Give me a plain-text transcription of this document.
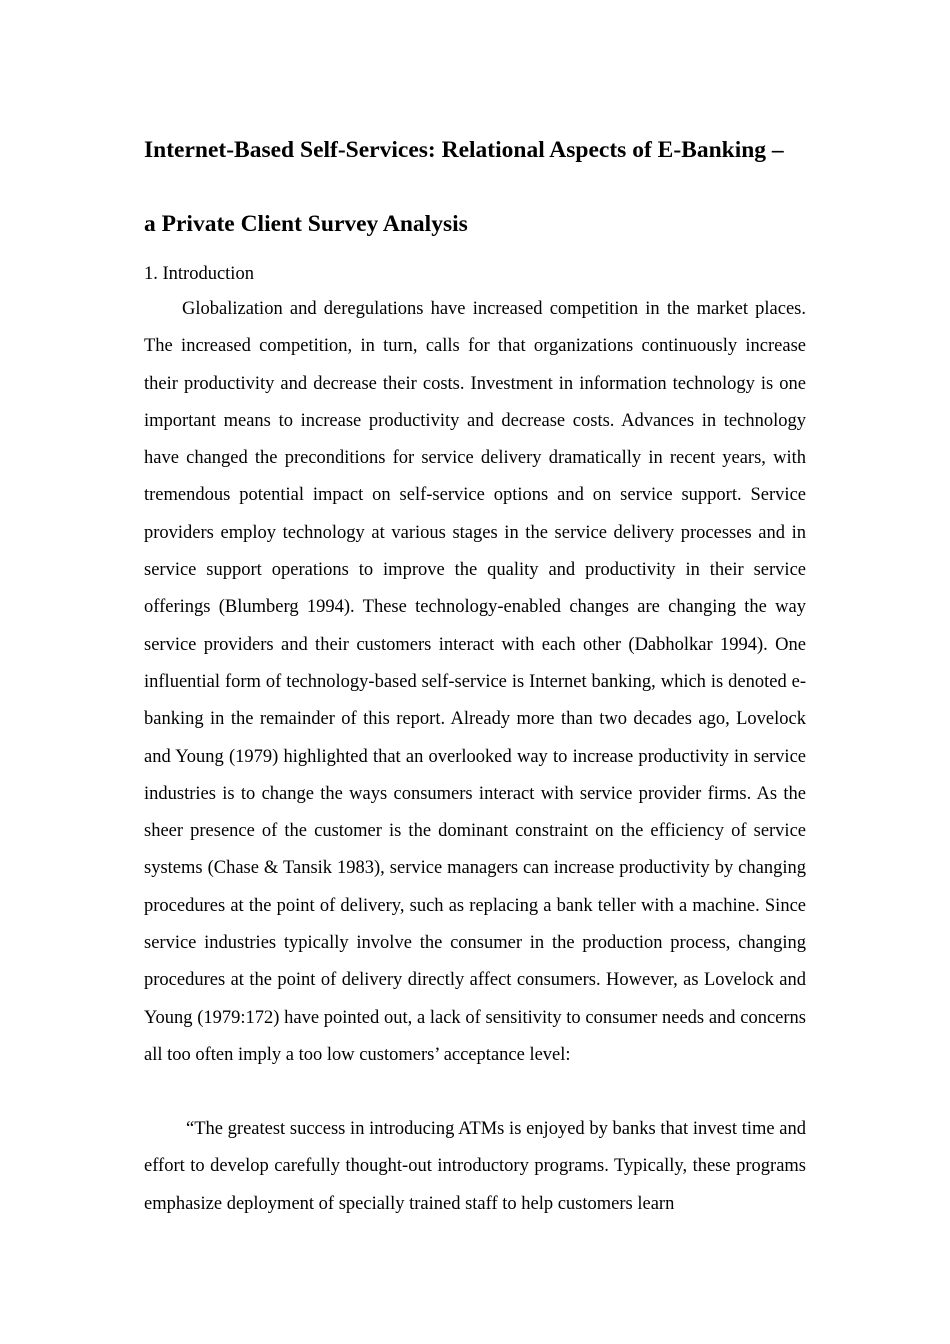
Internet-Based Self-Services: Relational Aspects of E-Banking –
a Private Client Survey Analysis
1. Introduction

Globalization and deregulations have increased competition in the market places. The increased competition, in turn, calls for that organizations continuously increase their productivity and decrease their costs. Investment in information technology is one important means to increase productivity and decrease costs. Advances in technology have changed the preconditions for service delivery dramatically in recent years, with tremendous potential impact on self-service options and on service support. Service providers employ technology at various stages in the service delivery processes and in service support operations to improve the quality and productivity in their service offerings (Blumberg 1994). These technology-enabled changes are changing the way service providers and their customers interact with each other (Dabholkar 1994). One influential form of technology-based self-service is Internet banking, which is denoted e-banking in the remainder of this report. Already more than two decades ago, Lovelock and Young (1979) highlighted that an overlooked way to increase productivity in service industries is to change the ways consumers interact with service provider firms. As the sheer presence of the customer is the dominant constraint on the efficiency of service systems (Chase & Tansik 1983), service managers can increase productivity by changing procedures at the point of delivery, such as replacing a bank teller with a machine. Since service industries typically involve the consumer in the production process, changing procedures at the point of delivery directly affect consumers. However, as Lovelock and Young (1979:172) have pointed out, a lack of sensitivity to consumer needs and concerns all too often imply a too low customers’ acceptance level:

“The greatest success in introducing ATMs is enjoyed by banks that invest time and effort to develop carefully thought-out introductory programs. Typically, these programs emphasize deployment of specially trained staff to help customers learn
